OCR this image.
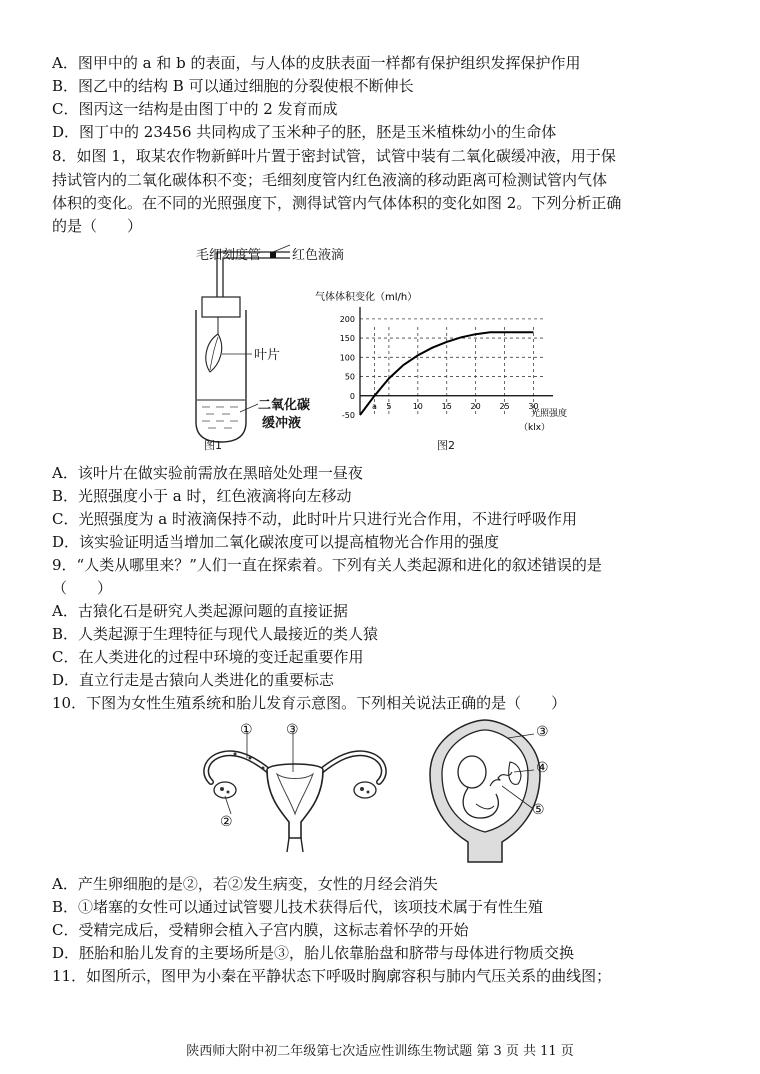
A．图甲中的 a 和 b 的表面，与人体的皮肤表面一样都有保护组织发挥保护作用
B．图乙中的结构 B 可以通过细胞的分裂使根不断伸长
C．图丙这一结构是由图丁中的 2 发育而成
D．图丁中的 23456 共同构成了玉米种子的胚，胚是玉米植株幼小的生命体
8．如图 1，取某农作物新鲜叶片置于密封试管，试管中装有二氧化碳缓冲液，用于保
持试管内的二氧化碳体积不变；毛细刻度管内红色液滴的移动距离可检测试管内气体
体积的变化。在不同的光照强度下，测得试管内气体体积的变化如图 2。下列分析正确
的是（　　）
毛细刻度管 红色液滴
叶片
二氧化碳
缓冲液
图1
-50
0
50
100
150
200
a 5	10 15 20 25 30
气体体积变化（ml/h）
光照强度
（klx）
图2
A．该叶片在做实验前需放在黑暗处处理一昼夜
B．光照强度小于 a 时，红色液滴将向左移动
C．光照强度为 a 时液滴保持不动，此时叶片只进行光合作用，不进行呼吸作用
D．该实验证明适当增加二氧化碳浓度可以提高植物光合作用的强度
9．“人类从哪里来？”人们一直在探索着。下列有关人类起源和进化的叙述错误的是
（　　）
A．古猿化石是研究人类起源问题的直接证据
B．人类起源于生理特征与现代人最接近的类人猿
C．在人类进化的过程中环境的变迁起重要作用
D．直立行走是古猿向人类进化的重要标志
10．下图为女性生殖系统和胎儿发育示意图。下列相关说法正确的是（　　）
① ③
②
③
④
⑤
A．产生卵细胞的是②，若②发生病变，女性的月经会消失
B．①堵塞的女性可以通过试管婴儿技术获得后代，该项技术属于有性生殖
C．受精完成后，受精卵会植入子宫内膜，这标志着怀孕的开始
D．胚胎和胎儿发育的主要场所是③，胎儿依靠胎盘和脐带与母体进行物质交换
11．如图所示，图甲为小秦在平静状态下呼吸时胸廓容积与肺内气压关系的曲线图；
陕西师大附中初二年级第七次适应性训练生物试题 第 3 页 共 11 页
